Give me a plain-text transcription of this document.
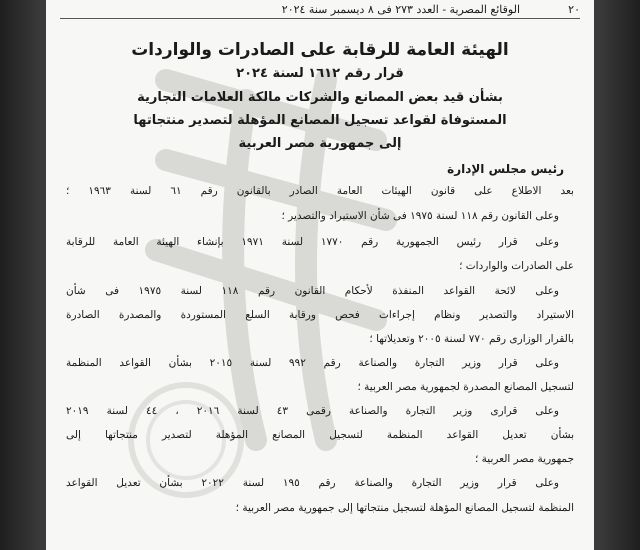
٢٠
الوقائع المصرية - العدد ٢٧٣ فى ٨ ديسمبر سنة ٢٠٢٤
الهيئة العامة للرقابة على الصادرات والواردات
قرار رقم ١٦١٢ لسنة ٢٠٢٤
بشأن قيد بعض المصانع والشركات مالكة العلامات التجارية
المستوفاة لقواعد تسجيل المصانع المؤهلة لتصدير منتجاتها
إلى جمهورية مصر العربية
رئيس مجلس الإدارة
بعد الاطلاع على قانون الهيئات العامة الصادر بالقانون رقم ٦١ لسنة ١٩٦٣ ؛
وعلى القانون رقم ١١٨ لسنة ١٩٧٥ فى شأن الاستيراد والتصدير ؛
وعلى قرار رئيس الجمهورية رقم ١٧٧٠ لسنة ١٩٧١ بإنشاء الهيئة العامة للرقابة
على الصادرات والواردات ؛
وعلى لائحة القواعد المنفذة لأحكام القانون رقم ١١٨ لسنة ١٩٧٥ فى شأن
الاستيراد والتصدير ونظام إجراءات فحص ورقابة السلع المستوردة والمصدرة الصادرة
بالقرار الوزارى رقم ٧٧٠ لسنة ٢٠٠٥ وتعديلاتها ؛
وعلى قرار وزير التجارة والصناعة رقم ٩٩٢ لسنة ٢٠١٥ بشأن القواعد المنظمة
لتسجيل المصانع المصدرة لجمهورية مصر العربية ؛
وعلى قرارى وزير التجارة والصناعة رقمى ٤٣ لسنة ٢٠١٦ ، ٤٤ لسنة ٢٠١٩
بشأن تعديل القواعد المنظمة لتسجيل المصانع المؤهلة لتصدير منتجاتها إلى
جمهورية مصر العربية ؛
وعلى قرار وزير التجارة والصناعة رقم ١٩٥ لسنة ٢٠٢٢ بشأن تعديل القواعد
المنظمة لتسجيل المصانع المؤهلة لتسجيل منتجاتها إلى جمهورية مصر العربية ؛
